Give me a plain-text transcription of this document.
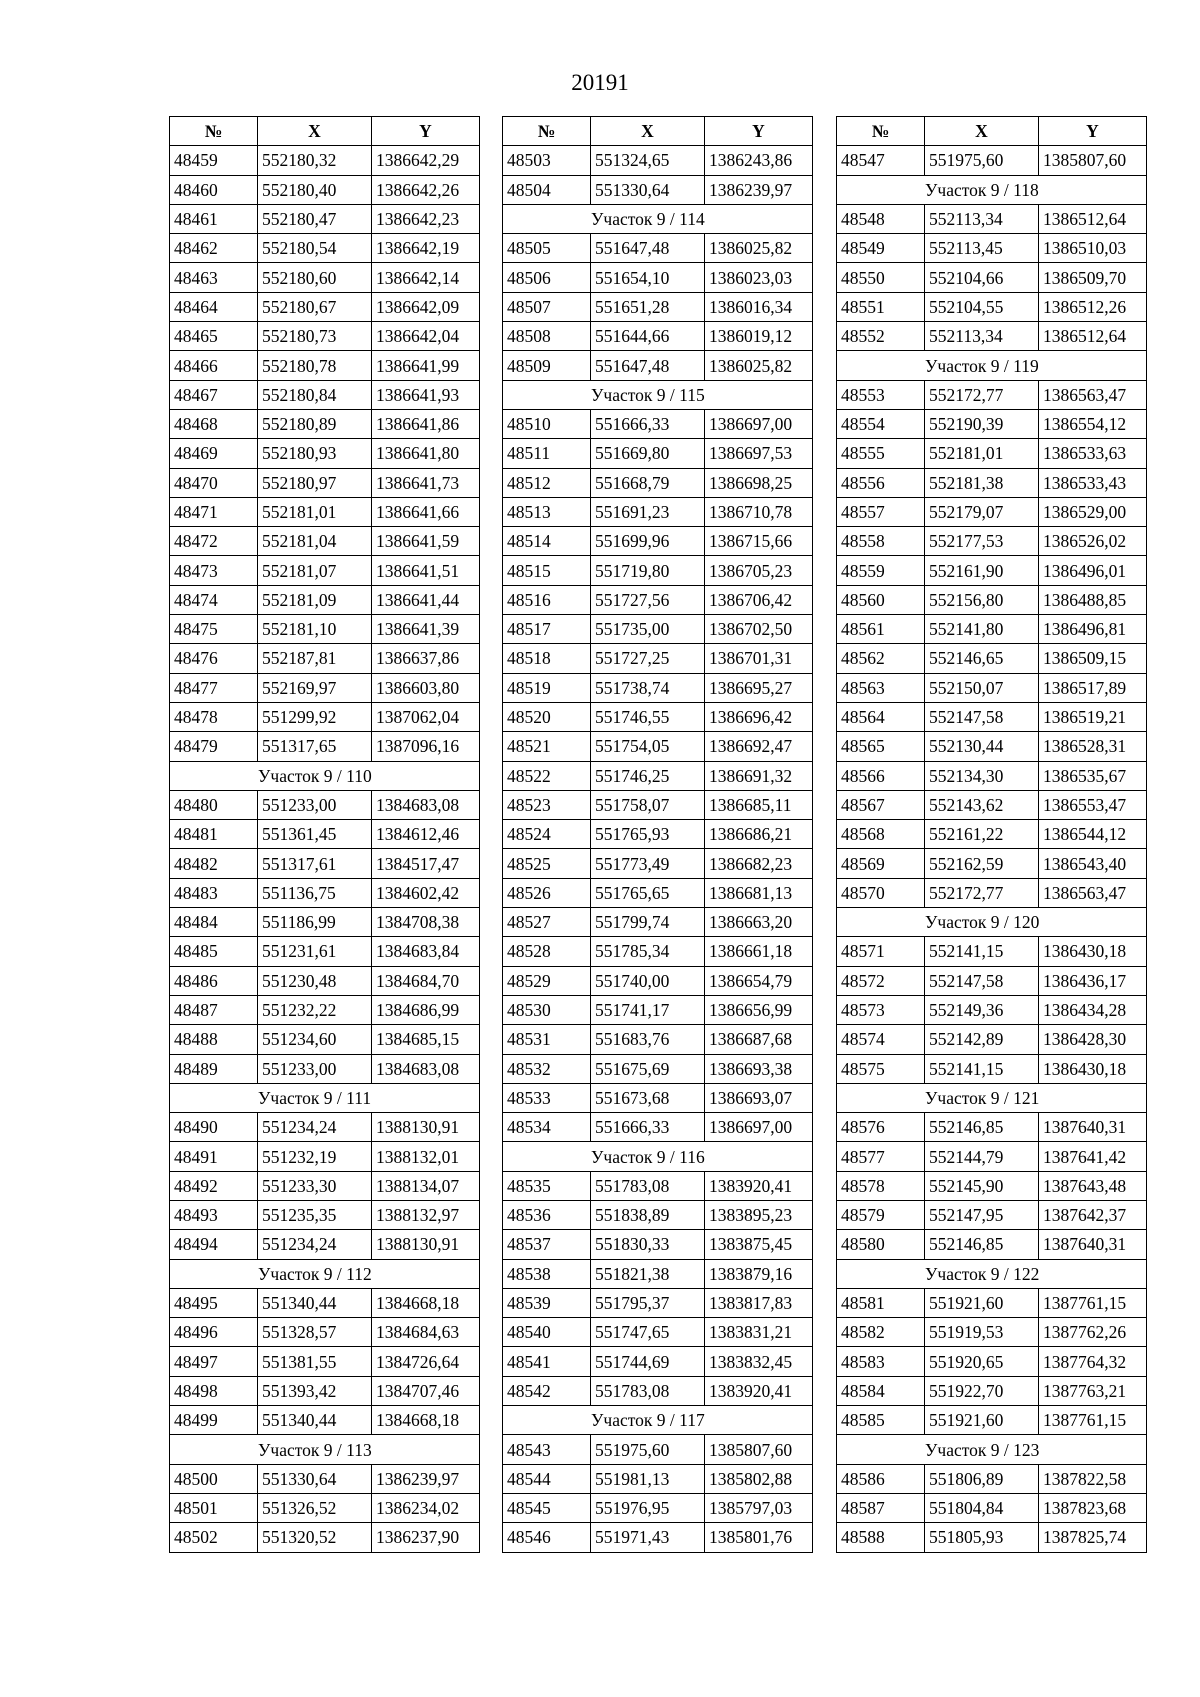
20191
№	X	Y
48459	552180,32	1386642,29
48460	552180,40	1386642,26
48461	552180,47	1386642,23
48462	552180,54	1386642,19
48463	552180,60	1386642,14
48464	552180,67	1386642,09
48465	552180,73	1386642,04
48466	552180,78	1386641,99
48467	552180,84	1386641,93
48468	552180,89	1386641,86
48469	552180,93	1386641,80
48470	552180,97	1386641,73
48471	552181,01	1386641,66
48472	552181,04	1386641,59
48473	552181,07	1386641,51
48474	552181,09	1386641,44
48475	552181,10	1386641,39
48476	552187,81	1386637,86
48477	552169,97	1386603,80
48478	551299,92	1387062,04
48479	551317,65	1387096,16
Участок 9 / 110		
48480	551233,00	1384683,08
48481	551361,45	1384612,46
48482	551317,61	1384517,47
48483	551136,75	1384602,42
48484	551186,99	1384708,38
48485	551231,61	1384683,84
48486	551230,48	1384684,70
48487	551232,22	1384686,99
48488	551234,60	1384685,15
48489	551233,00	1384683,08
Участок 9 / 111		
48490	551234,24	1388130,91
48491	551232,19	1388132,01
48492	551233,30	1388134,07
48493	551235,35	1388132,97
48494	551234,24	1388130,91
Участок 9 / 112		
48495	551340,44	1384668,18
48496	551328,57	1384684,63
48497	551381,55	1384726,64
48498	551393,42	1384707,46
48499	551340,44	1384668,18
Участок 9 / 113		
48500	551330,64	1386239,97
48501	551326,52	1386234,02
48502	551320,52	1386237,90
№	X	Y
48503	551324,65	1386243,86
48504	551330,64	1386239,97
Участок 9 / 114		
48505	551647,48	1386025,82
48506	551654,10	1386023,03
48507	551651,28	1386016,34
48508	551644,66	1386019,12
48509	551647,48	1386025,82
Участок 9 / 115		
48510	551666,33	1386697,00
48511	551669,80	1386697,53
48512	551668,79	1386698,25
48513	551691,23	1386710,78
48514	551699,96	1386715,66
48515	551719,80	1386705,23
48516	551727,56	1386706,42
48517	551735,00	1386702,50
48518	551727,25	1386701,31
48519	551738,74	1386695,27
48520	551746,55	1386696,42
48521	551754,05	1386692,47
48522	551746,25	1386691,32
48523	551758,07	1386685,11
48524	551765,93	1386686,21
48525	551773,49	1386682,23
48526	551765,65	1386681,13
48527	551799,74	1386663,20
48528	551785,34	1386661,18
48529	551740,00	1386654,79
48530	551741,17	1386656,99
48531	551683,76	1386687,68
48532	551675,69	1386693,38
48533	551673,68	1386693,07
48534	551666,33	1386697,00
Участок 9 / 116		
48535	551783,08	1383920,41
48536	551838,89	1383895,23
48537	551830,33	1383875,45
48538	551821,38	1383879,16
48539	551795,37	1383817,83
48540	551747,65	1383831,21
48541	551744,69	1383832,45
48542	551783,08	1383920,41
Участок 9 / 117		
48543	551975,60	1385807,60
48544	551981,13	1385802,88
48545	551976,95	1385797,03
48546	551971,43	1385801,76
№	X	Y
48547	551975,60	1385807,60
Участок 9 / 118		
48548	552113,34	1386512,64
48549	552113,45	1386510,03
48550	552104,66	1386509,70
48551	552104,55	1386512,26
48552	552113,34	1386512,64
Участок 9 / 119		
48553	552172,77	1386563,47
48554	552190,39	1386554,12
48555	552181,01	1386533,63
48556	552181,38	1386533,43
48557	552179,07	1386529,00
48558	552177,53	1386526,02
48559	552161,90	1386496,01
48560	552156,80	1386488,85
48561	552141,80	1386496,81
48562	552146,65	1386509,15
48563	552150,07	1386517,89
48564	552147,58	1386519,21
48565	552130,44	1386528,31
48566	552134,30	1386535,67
48567	552143,62	1386553,47
48568	552161,22	1386544,12
48569	552162,59	1386543,40
48570	552172,77	1386563,47
Участок 9 / 120		
48571	552141,15	1386430,18
48572	552147,58	1386436,17
48573	552149,36	1386434,28
48574	552142,89	1386428,30
48575	552141,15	1386430,18
Участок 9 / 121		
48576	552146,85	1387640,31
48577	552144,79	1387641,42
48578	552145,90	1387643,48
48579	552147,95	1387642,37
48580	552146,85	1387640,31
Участок 9 / 122		
48581	551921,60	1387761,15
48582	551919,53	1387762,26
48583	551920,65	1387764,32
48584	551922,70	1387763,21
48585	551921,60	1387761,15
Участок 9 / 123		
48586	551806,89	1387822,58
48587	551804,84	1387823,68
48588	551805,93	1387825,74
